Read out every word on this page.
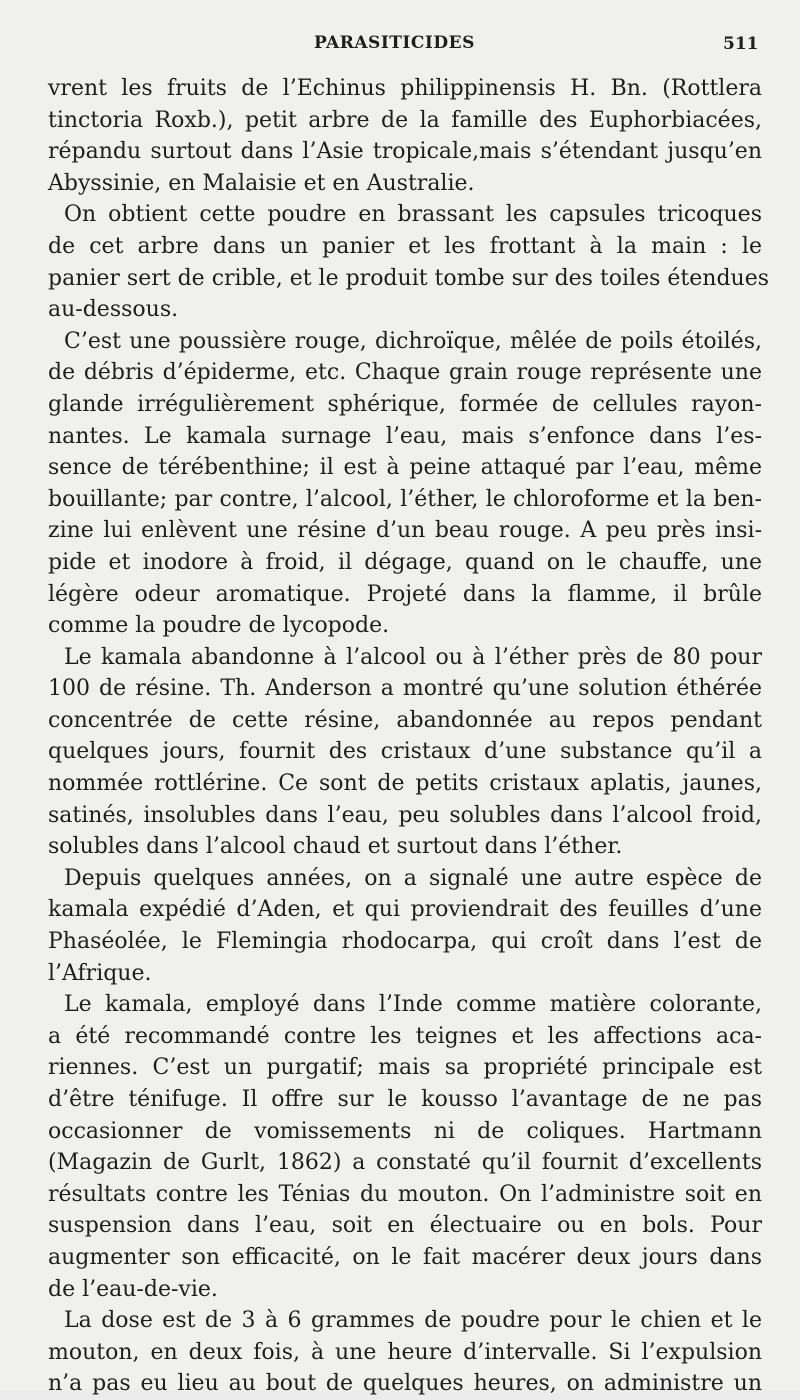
PARASITICIDES	511
vrent les fruits de l’Echinus philippinensis H. Bn. (Rottlera
tinctoria Roxb.), petit arbre de la famille des Euphorbiacées,
répandu surtout dans l’Asie tropicale,mais s’étendant jusqu’en
Abyssinie, en Malaisie et en Australie.
On obtient cette poudre en brassant les capsules tricoques
de cet arbre dans un panier et les frottant à la main : le
panier sert de crible, et le produit tombe sur des toiles étendues
au-dessous.
C’est une poussière rouge, dichroïque, mêlée de poils étoilés,
de débris d’épiderme, etc. Chaque grain rouge représente une
glande irrégulièrement sphérique, formée de cellules rayon-
nantes. Le kamala surnage l’eau, mais s’enfonce dans l’es-
sence de térébenthine; il est à peine attaqué par l’eau, même
bouillante; par contre, l’alcool, l’éther, le chloroforme et la ben-
zine lui enlèvent une résine d’un beau rouge. A peu près insi-
pide et inodore à froid, il dégage, quand on le chauffe, une
légère odeur aromatique. Projeté dans la flamme, il brûle
comme la poudre de lycopode.
Le kamala abandonne à l’alcool ou à l’éther près de 80 pour
100 de résine. Th. Anderson a montré qu’une solution éthérée
concentrée de cette résine, abandonnée au repos pendant
quelques jours, fournit des cristaux d’une substance qu’il a
nommée rottlérine. Ce sont de petits cristaux aplatis, jaunes,
satinés, insolubles dans l’eau, peu solubles dans l’alcool froid,
solubles dans l’alcool chaud et surtout dans l’éther.
Depuis quelques années, on a signalé une autre espèce de
kamala expédié d’Aden, et qui proviendrait des feuilles d’une
Phaséolée, le Flemingia rhodocarpa, qui croît dans l’est de
l’Afrique.
Le kamala, employé dans l’Inde comme matière colorante,
a été recommandé contre les teignes et les affections aca-
riennes. C’est un purgatif; mais sa propriété principale est
d’être ténifuge. Il offre sur le kousso l’avantage de ne pas
occasionner de vomissements ni de coliques. Hartmann
(Magazin de Gurlt, 1862) a constaté qu’il fournit d’excellents
résultats contre les Ténias du mouton. On l’administre soit en
suspension dans l’eau, soit en électuaire ou en bols. Pour
augmenter son efficacité, on le fait macérer deux jours dans
de l’eau-de-vie.
La dose est de 3 à 6 grammes de poudre pour le chien et le
mouton, en deux fois, à une heure d’intervalle. Si l’expulsion
n’a pas eu lieu au bout de quelques heures, on administre un
